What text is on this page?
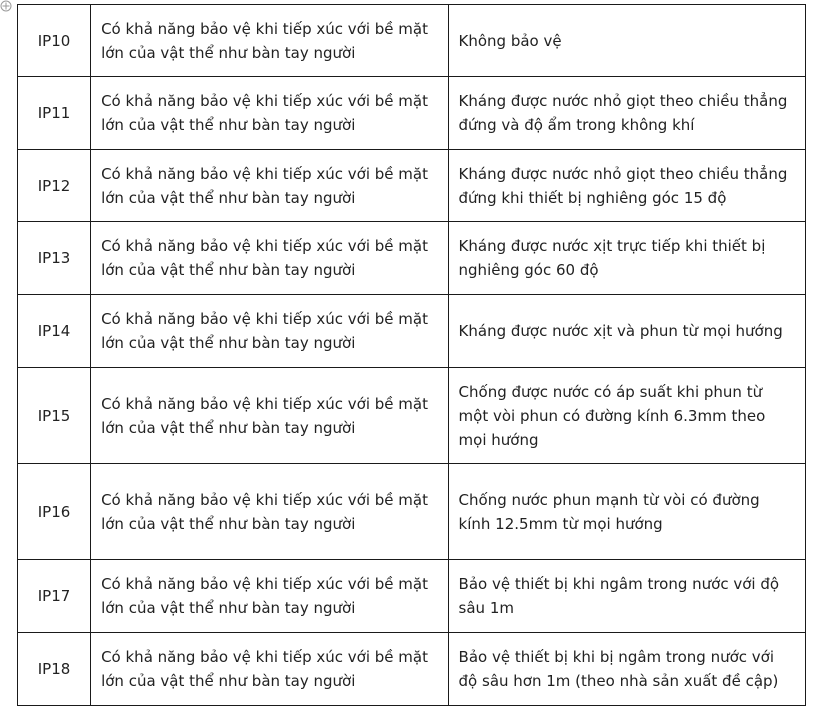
IP10	Có khả năng bảo vệ khi tiếp xúc với bề mặt lớn của vật thể như bàn tay người	Không bảo vệ
IP11	Có khả năng bảo vệ khi tiếp xúc với bề mặt lớn của vật thể như bàn tay người	Kháng được nước nhỏ giọt theo chiều thẳng đứng và độ ẩm trong không khí
IP12	Có khả năng bảo vệ khi tiếp xúc với bề mặt lớn của vật thể như bàn tay người	Kháng được nước nhỏ giọt theo chiều thẳng đứng khi thiết bị nghiêng góc 15 độ
IP13	Có khả năng bảo vệ khi tiếp xúc với bề mặt lớn của vật thể như bàn tay người	Kháng được nước xịt trực tiếp khi thiết bị nghiêng góc 60 độ
IP14	Có khả năng bảo vệ khi tiếp xúc với bề mặt lớn của vật thể như bàn tay người	Kháng được nước xịt và phun từ mọi hướng
IP15	Có khả năng bảo vệ khi tiếp xúc với bề mặt lớn của vật thể như bàn tay người	Chống được nước có áp suất khi phun từ một vòi phun có đường kính 6.3mm theo mọi hướng
IP16	Có khả năng bảo vệ khi tiếp xúc với bề mặt lớn của vật thể như bàn tay người	Chống nước phun mạnh từ vòi có đường kính 12.5mm từ mọi hướng
IP17	Có khả năng bảo vệ khi tiếp xúc với bề mặt lớn của vật thể như bàn tay người	Bảo vệ thiết bị khi ngâm trong nước với độ sâu 1m
IP18	Có khả năng bảo vệ khi tiếp xúc với bề mặt lớn của vật thể như bàn tay người	Bảo vệ thiết bị khi bị ngâm trong nước với độ sâu hơn 1m (theo nhà sản xuất đề cập)
